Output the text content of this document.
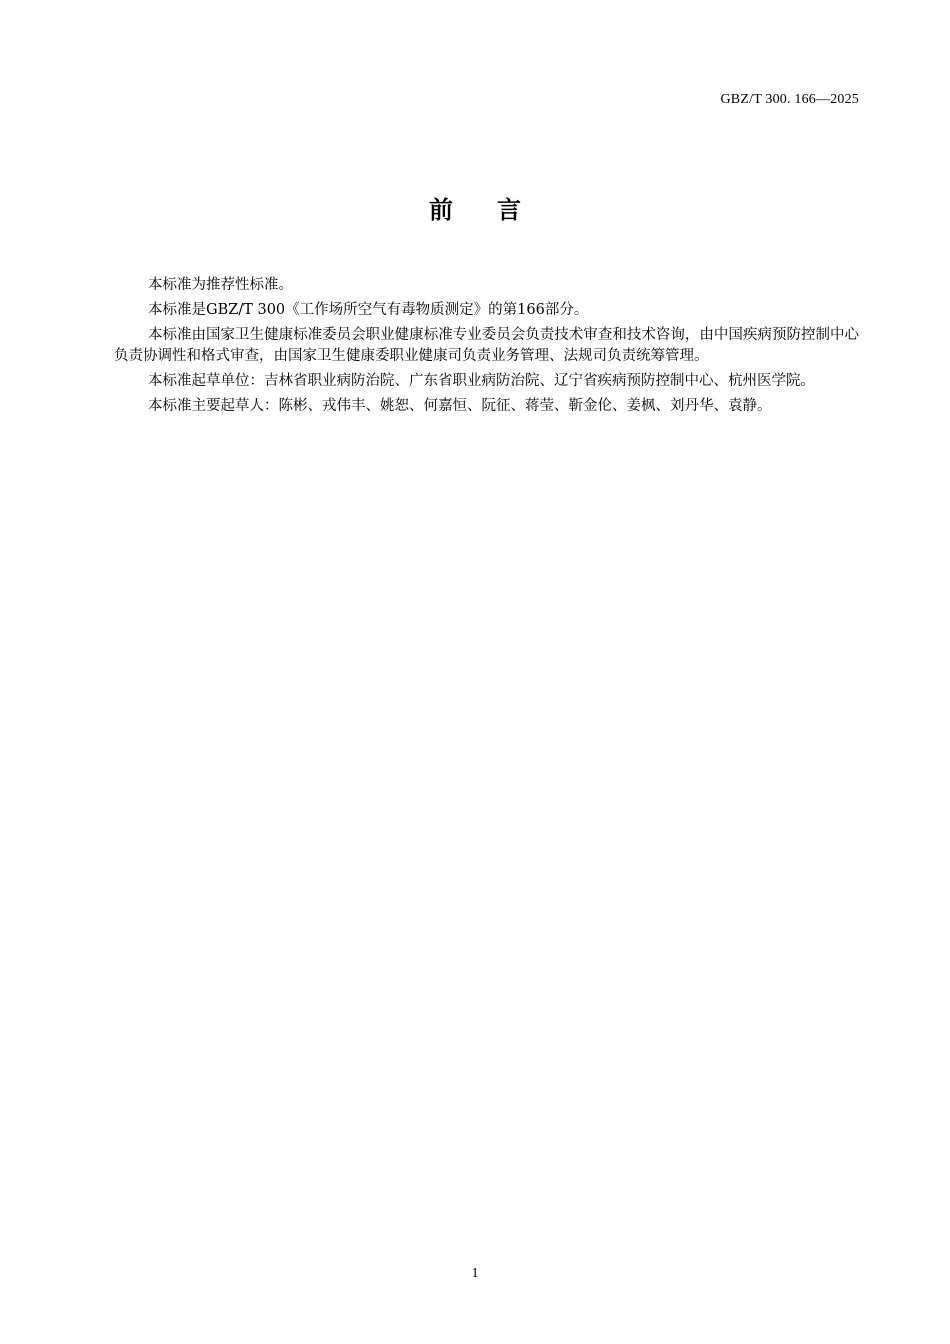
GBZ/T 300. 166—2025
前言

本标准为推荐性标准。

本标准是GBZ/T 300《工作场所空气有毒物质测定》的第166部分。

本标准由国家卫生健康标准委员会职业健康标准专业委员会负责技术审查和技术咨询，由中国疾病预防控制中心负责协调性和格式审查，由国家卫生健康委职业健康司负责业务管理、法规司负责统筹管理。

本标准起草单位：吉林省职业病防治院、广东省职业病防治院、辽宁省疾病预防控制中心、杭州医学院。

本标准主要起草人：陈彬、戎伟丰、姚恕、何嘉恒、阮征、蒋莹、靳金伦、姜枫、刘丹华、袁静。

1
